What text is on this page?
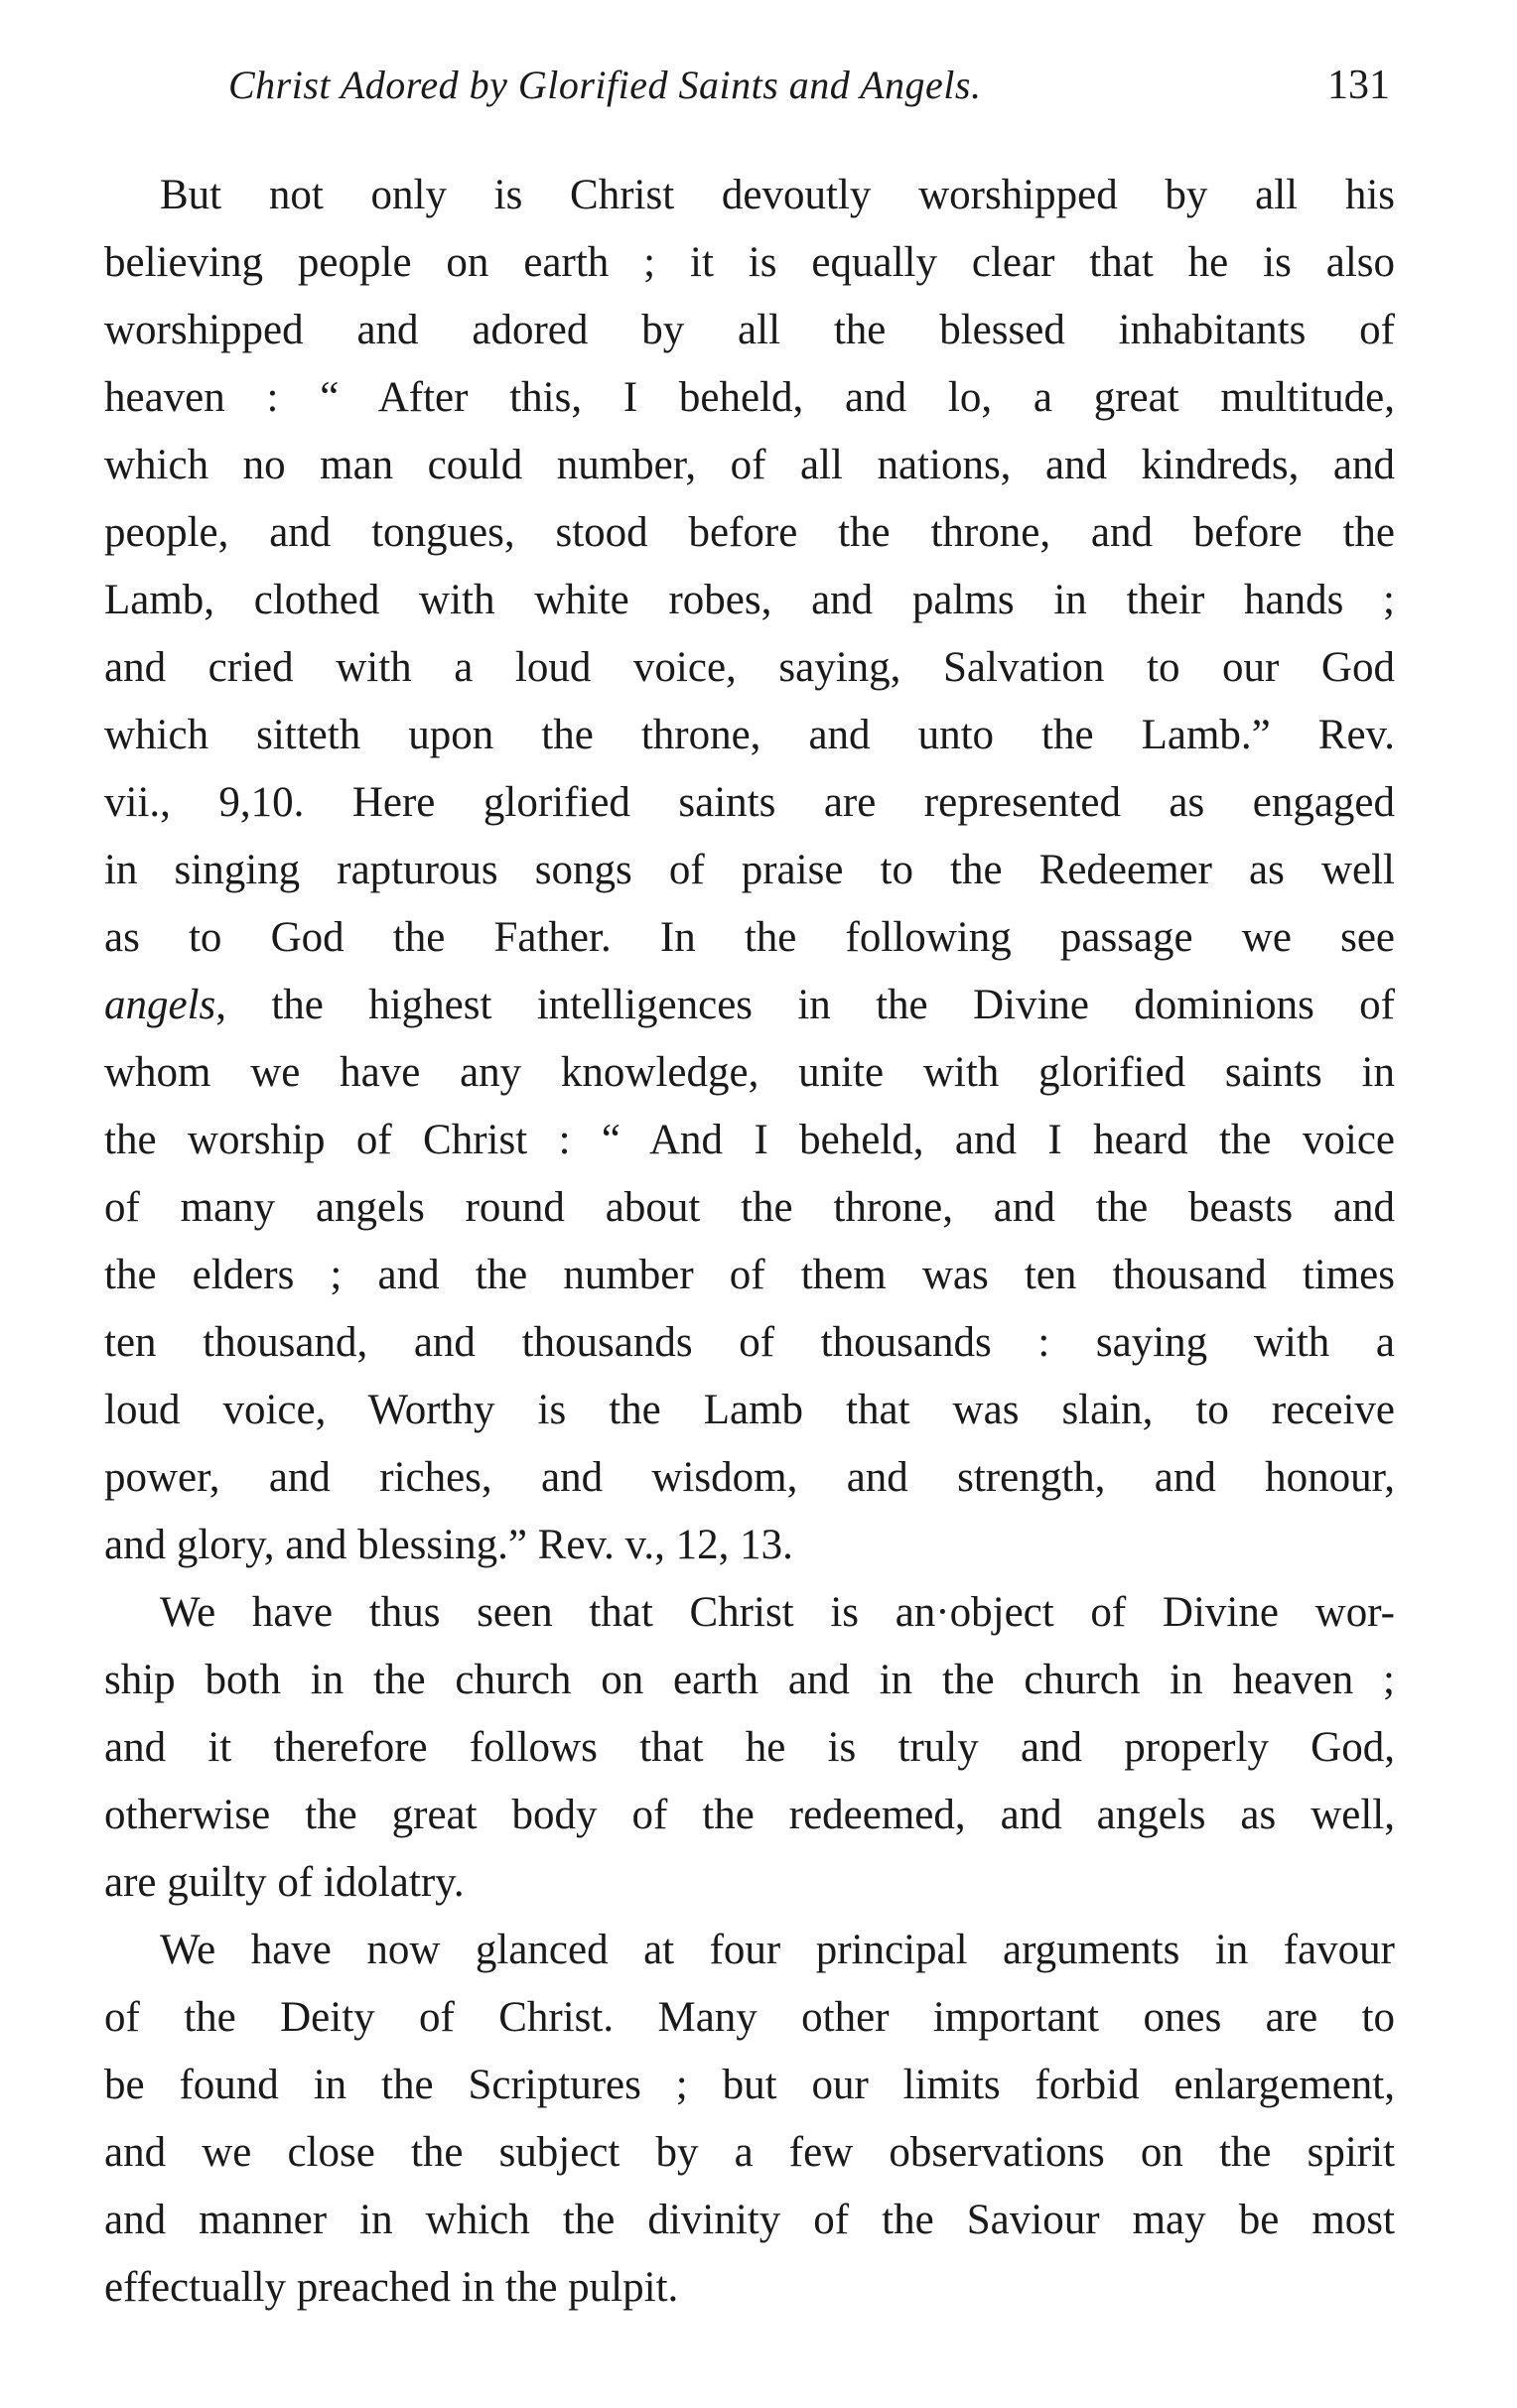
Christ Adored by Glorified Saints and Angels.	131
But not only is Christ devoutly worshipped by all his
believing people on earth ; it is equally clear that he is also
worshipped and adored by all the blessed inhabitants of
heaven : “ After this, I beheld, and lo, a great multitude,
which no man could number, of all nations, and kindreds, and
people, and tongues, stood before the throne, and before the
Lamb, clothed with white robes, and palms in their hands ;
and cried with a loud voice, saying, Salvation to our God
which sitteth upon the throne, and unto the Lamb.” Rev.
vii., 9,10. Here glorified saints are represented as engaged
in singing rapturous songs of praise to the Redeemer as well
as to God the Father. In the following passage we see
angels, the highest intelligences in the Divine dominions of
whom we have any knowledge, unite with glorified saints in
the worship of Christ : “ And I beheld, and I heard the voice
of many angels round about the throne, and the beasts and
the elders ; and the number of them was ten thousand times
ten thousand, and thousands of thousands : saying with a
loud voice, Worthy is the Lamb that was slain, to receive
power, and riches, and wisdom, and strength, and honour,
and glory, and blessing.” Rev. v., 12, 13.
We have thus seen that Christ is an·object of Divine wor-
ship both in the church on earth and in the church in heaven ;
and it therefore follows that he is truly and properly God,
otherwise the great body of the redeemed, and angels as well,
are guilty of idolatry.
We have now glanced at four principal arguments in favour
of the Deity of Christ. Many other important ones are to
be found in the Scriptures ; but our limits forbid enlargement,
and we close the subject by a few observations on the spirit
and manner in which the divinity of the Saviour may be most
effectually preached in the pulpit.
